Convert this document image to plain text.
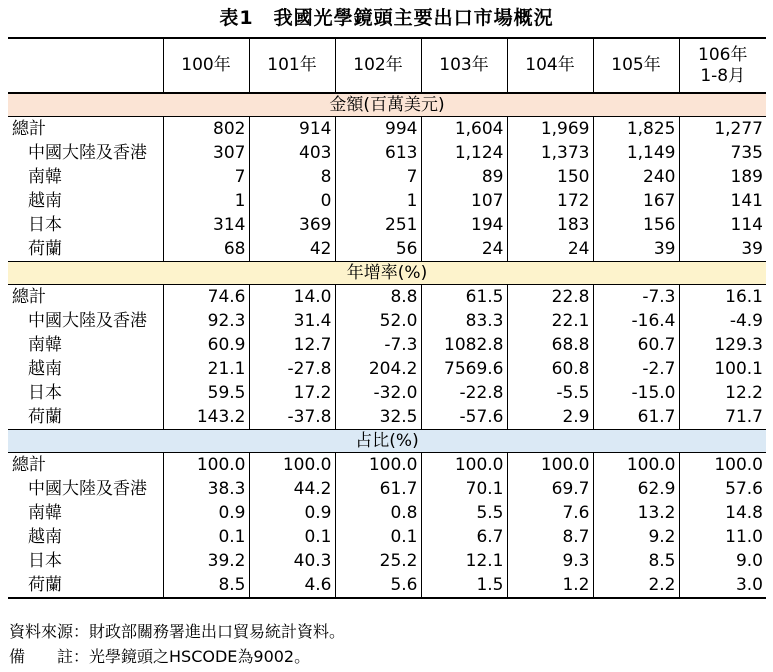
表1　我國光學鏡頭主要出口市場概況
	100年	101年	102年	103年	104年	105年	106年
1-8月
金額(百萬美元)							
總計	802	914	994	1,604	1,969	1,825	1,277
中國大陸及香港	307	403	613	1,124	1,373	1,149	735
南韓	7	8	7	89	150	240	189
越南	1	0	1	107	172	167	141
日本	314	369	251	194	183	156	114
荷蘭	68	42	56	24	24	39	39
年增率(%)							
總計	74.6	14.0	8.8	61.5	22.8	-7.3	16.1
中國大陸及香港	92.3	31.4	52.0	83.3	22.1	-16.4	-4.9
南韓	60.9	12.7	-7.3	1082.8	68.8	60.7	129.3
越南	21.1	-27.8	204.2	7569.6	60.8	-2.7	100.1
日本	59.5	17.2	-32.0	-22.8	-5.5	-15.0	12.2
荷蘭	143.2	-37.8	32.5	-57.6	2.9	61.7	71.7
占比(%)							
總計	100.0	100.0	100.0	100.0	100.0	100.0	100.0
中國大陸及香港	38.3	44.2	61.7	70.1	69.7	62.9	57.6
南韓	0.9	0.9	0.8	5.5	7.6	13.2	14.8
越南	0.1	0.1	0.1	6.7	8.7	9.2	11.0
日本	39.2	40.3	25.2	12.1	9.3	8.5	9.0
荷蘭	8.5	4.6	5.6	1.5	1.2	2.2	3.0
資料來源：財政部關務署進出口貿易統計資料。
備　　註：光學鏡頭之HSCODE為9002。
